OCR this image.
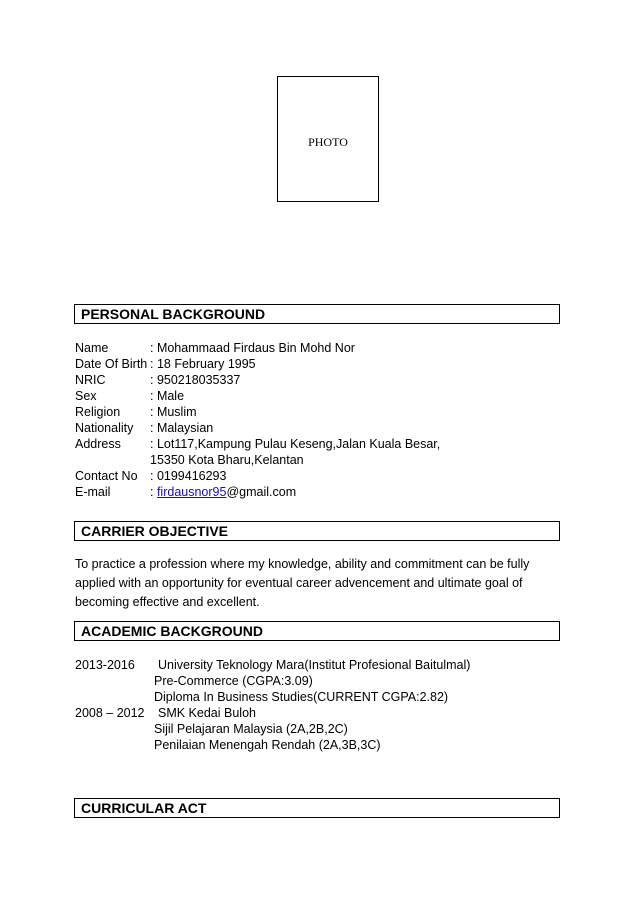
PHOTO
PERSONAL BACKGROUND
Name	: Mohammaad Firdaus Bin Mohd Nor
Date Of Birth : 18 February 1995
NRIC	: 950218035337
Sex	: Male
Religion : Muslim
Nationality : Malaysian
Address : Lot117,Kampung Pulau Keseng,Jalan Kuala Besar,
15350 Kota Bharu,Kelantan
Contact No : 0199416293
E-mail	: firdausnor95@gmail.com
CARRIER OBJECTIVE
To practice a profession where my knowledge, ability and commitment can be fully applied with an opportunity for eventual career advencement and ultimate goal of becoming effective and excellent.
ACADEMIC BACKGROUND
2013-2016 University Teknology Mara(Institut Profesional Baitulmal)
Pre-Commerce (CGPA:3.09)
Diploma In Business Studies(CURRENT CGPA:2.82)
2008 – 2012 SMK Kedai Buloh
Sijil Pelajaran Malaysia (2A,2B,2C)
Penilaian Menengah Rendah (2A,3B,3C)
CURRICULAR ACT
